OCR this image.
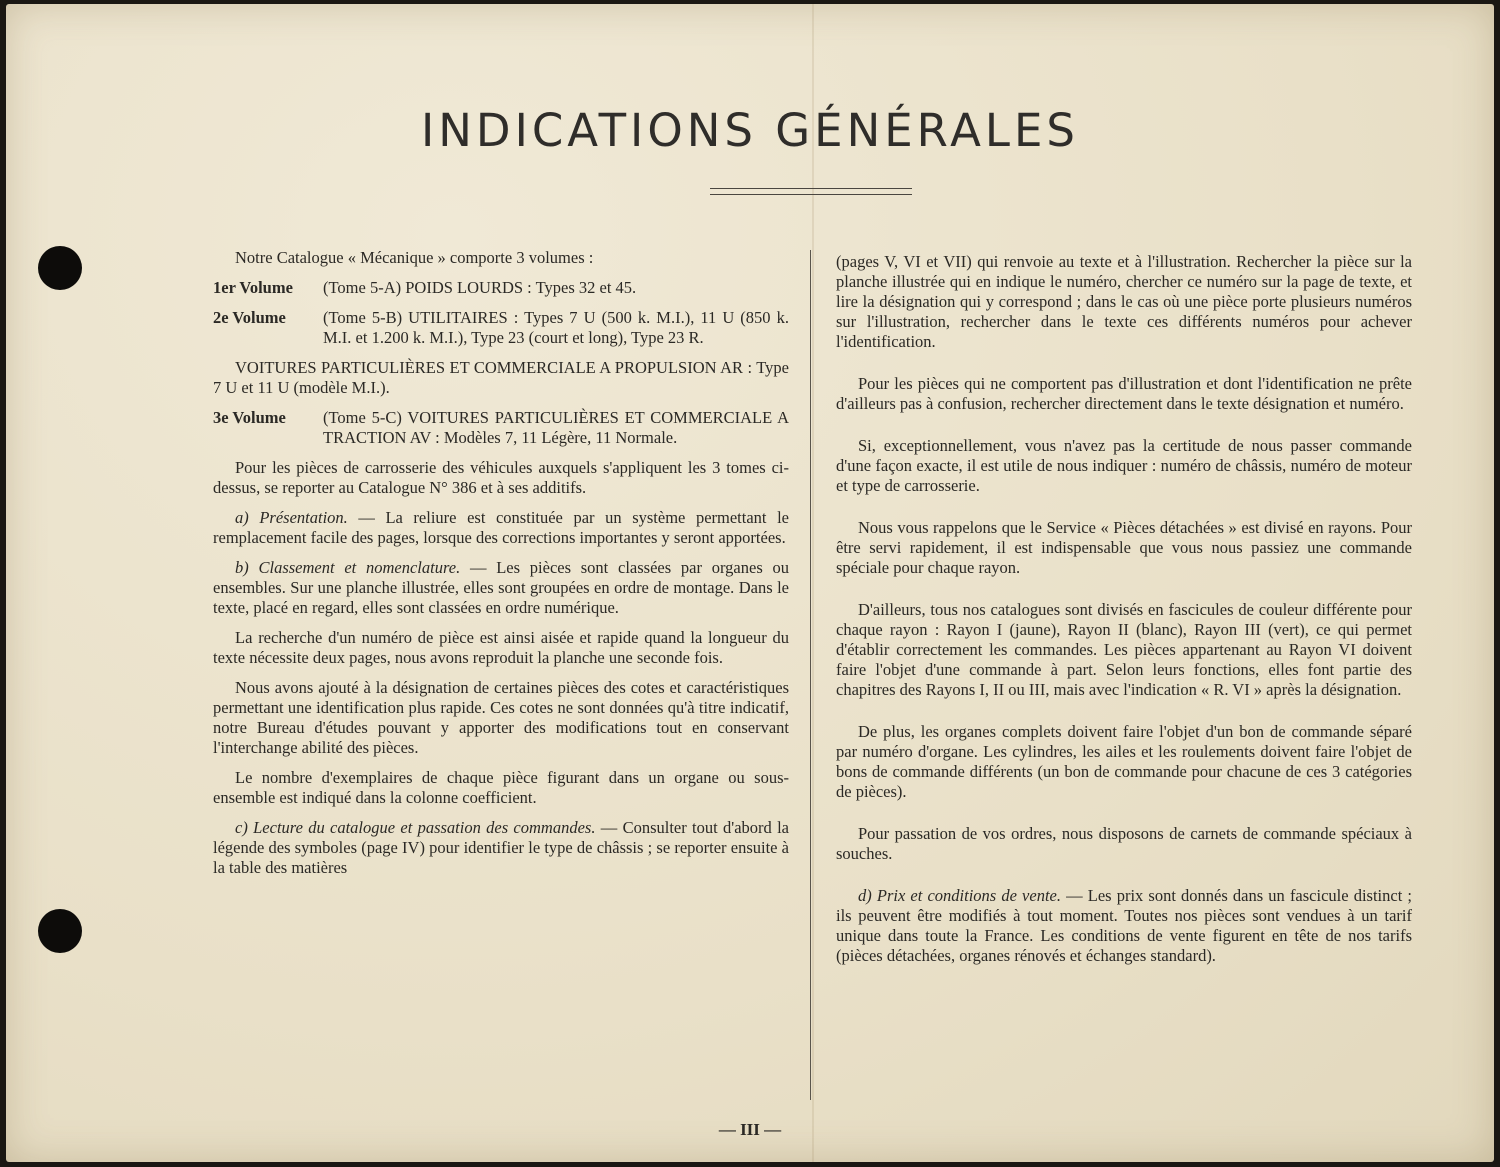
INDICATIONS GÉNÉRALES

Notre Catalogue « Mécanique » comporte 3 volumes :

1er Volume	(Tome 5-A) POIDS LOURDS : Types 32 et 45.
2e Volume	(Tome 5-B) UTILITAIRES : Types 7 U (500 k. M.I.), 11 U (850 k. M.I. et 1.200 k. M.I.), Type 23 (court et long), Type 23 R.

VOITURES PARTICULIÈRES ET COMMERCIALE A PROPULSION AR : Type 7 U et 11 U (modèle M.I.).

3e Volume	(Tome 5-C) VOITURES PARTICULIÈRES ET COMMERCIALE A TRACTION AV : Modèles 7, 11 Légère, 11 Normale.

Pour les pièces de carrosserie des véhicules auxquels s'appliquent les 3 tomes ci-dessus, se reporter au Catalogue N° 386 et à ses additifs.

a) Présentation. — La reliure est constituée par un système permettant le remplacement facile des pages, lorsque des corrections importantes y seront apportées.

b) Classement et nomenclature. — Les pièces sont classées par organes ou ensembles. Sur une planche illustrée, elles sont groupées en ordre de montage. Dans le texte, placé en regard, elles sont classées en ordre numérique.

La recherche d'un numéro de pièce est ainsi aisée et rapide quand la longueur du texte nécessite deux pages, nous avons reproduit la planche une seconde fois.

Nous avons ajouté à la désignation de certaines pièces des cotes et caractéristiques permettant une identification plus rapide. Ces cotes ne sont données qu'à titre indicatif, notre Bureau d'études pouvant y apporter des modifications tout en conservant l'interchange abilité des pièces.

Le nombre d'exemplaires de chaque pièce figurant dans un organe ou sous-ensemble est indiqué dans la colonne coefficient.

c) Lecture du catalogue et passation des commandes. — Consulter tout d'abord la légende des symboles (page IV) pour identifier le type de châssis ; se reporter ensuite à la table des matières

(pages V, VI et VII) qui renvoie au texte et à l'illustration. Rechercher la pièce sur la planche illustrée qui en indique le numéro, chercher ce numéro sur la page de texte, et lire la désignation qui y correspond ; dans le cas où une pièce porte plusieurs numéros sur l'illustration, rechercher dans le texte ces différents numéros pour achever l'identification.

Pour les pièces qui ne comportent pas d'illustration et dont l'identification ne prête d'ailleurs pas à confusion, rechercher directement dans le texte désignation et numéro.

Si, exceptionnellement, vous n'avez pas la certitude de nous passer commande d'une façon exacte, il est utile de nous indiquer : numéro de châssis, numéro de moteur et type de carrosserie.

Nous vous rappelons que le Service « Pièces détachées » est divisé en rayons. Pour être servi rapidement, il est indispensable que vous nous passiez une commande spéciale pour chaque rayon.

D'ailleurs, tous nos catalogues sont divisés en fascicules de couleur différente pour chaque rayon : Rayon I (jaune), Rayon II (blanc), Rayon III (vert), ce qui permet d'établir correctement les commandes. Les pièces appartenant au Rayon VI doivent faire l'objet d'une commande à part. Selon leurs fonctions, elles font partie des chapitres des Rayons I, II ou III, mais avec l'indication « R. VI » après la désignation.

De plus, les organes complets doivent faire l'objet d'un bon de commande séparé par numéro d'organe. Les cylindres, les ailes et les roulements doivent faire l'objet de bons de commande différents (un bon de commande pour chacune de ces 3 catégories de pièces).

Pour passation de vos ordres, nous disposons de carnets de commande spéciaux à souches.

d) Prix et conditions de vente. — Les prix sont donnés dans un fascicule distinct ; ils peuvent être modifiés à tout moment. Toutes nos pièces sont vendues à un tarif unique dans toute la France. Les conditions de vente figurent en tête de nos tarifs (pièces détachées, organes rénovés et échanges standard).

— III —
